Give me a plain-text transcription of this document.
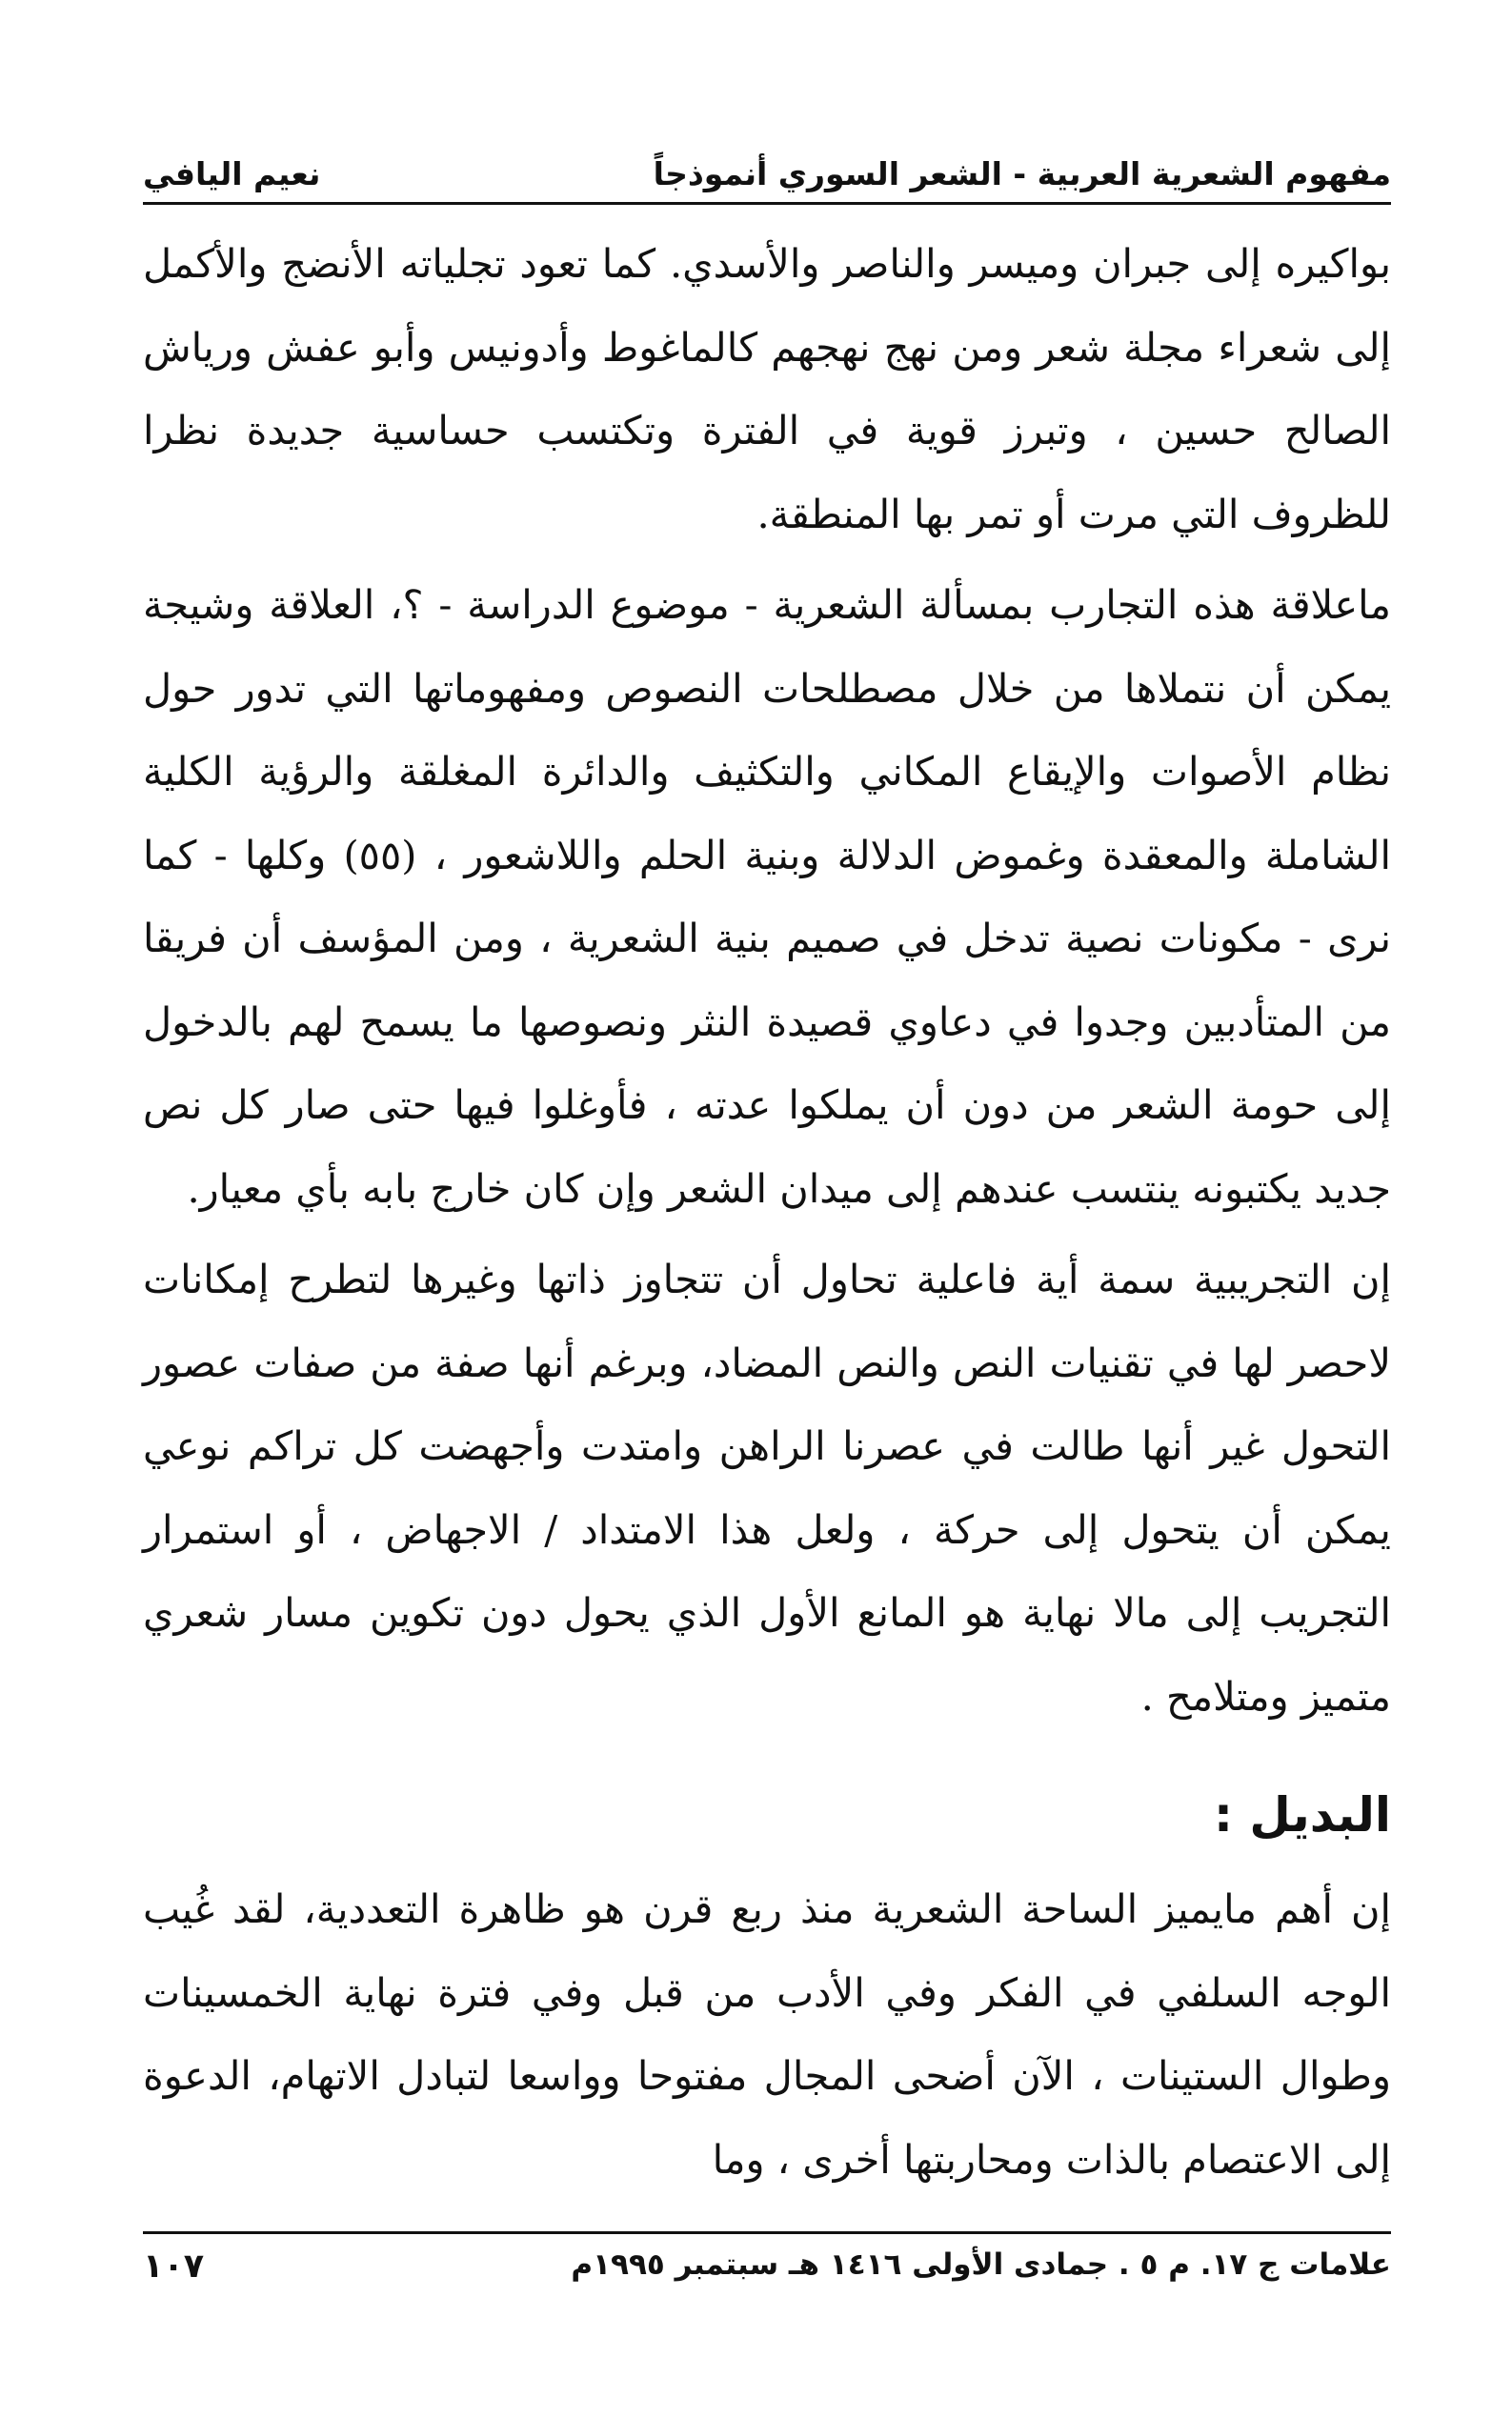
مفهوم الشعرية العربية - الشعر السوري أنموذجاً
نعيم اليافي

بواكيره إلى جبران وميسر والناصر والأسدي. كما تعود تجلياته الأنضج والأكمل إلى شعراء مجلة شعر ومن نهج نهجهم كالماغوط وأدونيس وأبو عفش ورياش الصالح حسين ، وتبرز قوية في الفترة وتكتسب حساسية جديدة نظرا للظروف التي مرت أو تمر بها المنطقة.

ماعلاقة هذه التجارب بمسألة الشعرية - موضوع الدراسة - ؟، العلاقة وشيجة يمكن أن نتملاها من خلال مصطلحات النصوص ومفهوماتها التي تدور حول نظام الأصوات والإيقاع المكاني والتكثيف والدائرة المغلقة والرؤية الكلية الشاملة والمعقدة وغموض الدلالة وبنية الحلم واللاشعور ، (٥٥) وكلها - كما نرى - مكونات نصية تدخل في صميم بنية الشعرية ، ومن المؤسف أن فريقا من المتأدبين وجدوا في دعاوي قصيدة النثر ونصوصها ما يسمح لهم بالدخول إلى حومة الشعر من دون أن يملكوا عدته ، فأوغلوا فيها حتى صار كل نص جديد يكتبونه ينتسب عندهم إلى ميدان الشعر وإن كان خارج بابه بأي معيار.

إن التجريبية سمة أية فاعلية تحاول أن تتجاوز ذاتها وغيرها لتطرح إمكانات لاحصر لها في تقنيات النص والنص المضاد، وبرغم أنها صفة من صفات عصور التحول غير أنها طالت في عصرنا الراهن وامتدت وأجهضت كل تراكم نوعي يمكن أن يتحول إلى حركة ، ولعل هذا الامتداد / الاجهاض ، أو استمرار التجريب إلى مالا نهاية هو المانع الأول الذي يحول دون تكوين مسار شعري متميز ومتلامح .

البديل :

إن أهم مايميز الساحة الشعرية منذ ربع قرن هو ظاهرة التعددية، لقد غُيب الوجه السلفي في الفكر وفي الأدب من قبل وفي فترة نهاية الخمسينات وطوال الستينات ، الآن أضحى المجال مفتوحا وواسعا لتبادل الاتهام، الدعوة إلى الاعتصام بالذات ومحاربتها أخرى ، وما

علامات ج ١٧. م ٥ . جمادى الأولى ١٤١٦ هـ سبتمبر ١٩٩٥م
١٠٧
